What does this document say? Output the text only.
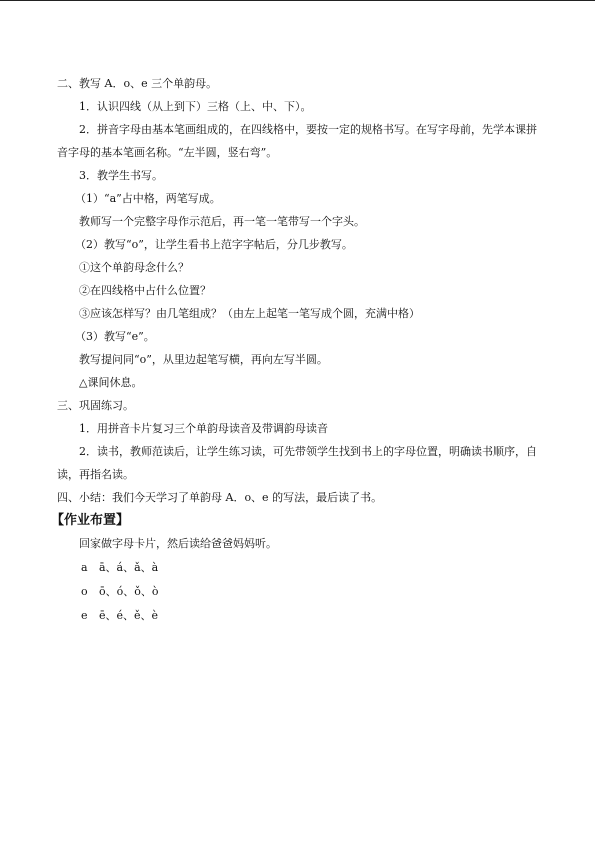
二、教写 A．o、e 三个单韵母。
1．认识四线（从上到下）三格（上、中、下）。
2．拼音字母由基本笔画组成的，在四线格中，要按一定的规格书写。在写字母前，先学本课拼音字母的基本笔画名称。“左半圆，竖右弯”。
3．教学生书写。
（1）“a”占中格，两笔写成。
教师写一个完整字母作示范后，再一笔一笔带写一个字头。
（2）教写“o”，让学生看书上范字字帖后，分几步教写。
①这个单韵母念什么？
②在四线格中占什么位置？
③应该怎样写？由几笔组成？（由左上起笔一笔写成个圆，充满中格）
（3）教写“e”。
教写提问同“o”，从里边起笔写横，再向左写半圆。
△课间休息。
三、巩固练习。
1．用拼音卡片复习三个单韵母读音及带调韵母读音
2．读书，教师范读后，让学生练习读，可先带领学生找到书上的字母位置，明确读书顺序，自读，再指名读。
四、小结：我们今天学习了单韵母 A．o、e 的写法，最后读了书。
【作业布置】
回家做字母卡片，然后读给爸爸妈妈听。
a ā、á、ǎ、à
o ō、ó、ǒ、ò
e ē、é、ě、è
